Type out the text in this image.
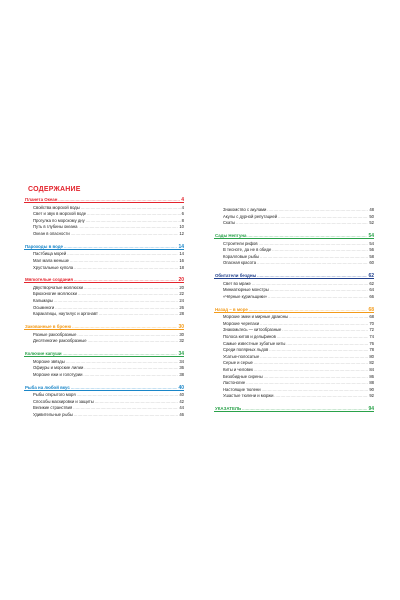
СОДЕРЖАНИЕ
Планета Океан .....	4
Свойства морской воды .....	4
Свет и звук в морской воде .....	6
Прогулка по морскому дну .....	8
Путь в глубины океана .....	10
Океан в опасности .....	12
Пароходы в воде .....	14
Пастбища морей .....	14
Мал мала меньше .....	16
Хрустальные купола .....	18
Мягкотелые создания .....	20
Двустворчатые моллюски .....	20
Брюхоногие моллюски .....	22
Кальмары .....	24
Осьминоги .....	26
Каракатицы, наутилус и аргонавт .....	28
Закованные в броню .....	30
Разные ракообразные .....	30
Десятиногие ракообразные .....	32
Колючие капуши .....	34
Морские звёзды .....	34
Офиуры и морские лилии .....	36
Морские ежи и голотурии .....	38
Рыба на любой вкус .....	40
Рыбы открытого моря .....	40
Способы маскировки и защиты .....	42
Великие странствия .....	44
Удивительные рыбы .....	46
Знакомство с акулами .....	48
Акулы с дурной репутацией .....	50
Скаты .....	52
Сады Нептуна .....	54
Строители рифов .....	54
В тесноте, да не в обиде .....	56
Коралловые рыбы .....	58
Опасная красота .....	60
Обитатели бездны .....	62
Свет во мраке .....	62
Миниатюрные монстры .....	64
«Чёрные курильщики» .....	66
Назад – в море .....	68
Морские змеи и мирные драконы .....	68
Морские черепахи .....	70
Знакомьтесь — китообразные .....	72
Полоса китов и дельфинов .....	74
Самые известные зубатые киты .....	76
Среди полярных льдов .....	78
Усатые-полосатые .....	80
Серые и серые .....	82
Киты и человек .....	84
Безобидные сирены .....	86
Ластоногие .....	88
Настоящие тюлени .....	90
Ушастые тюлени и моржи .....	92
УКАЗАТЕЛЬ .....	94
